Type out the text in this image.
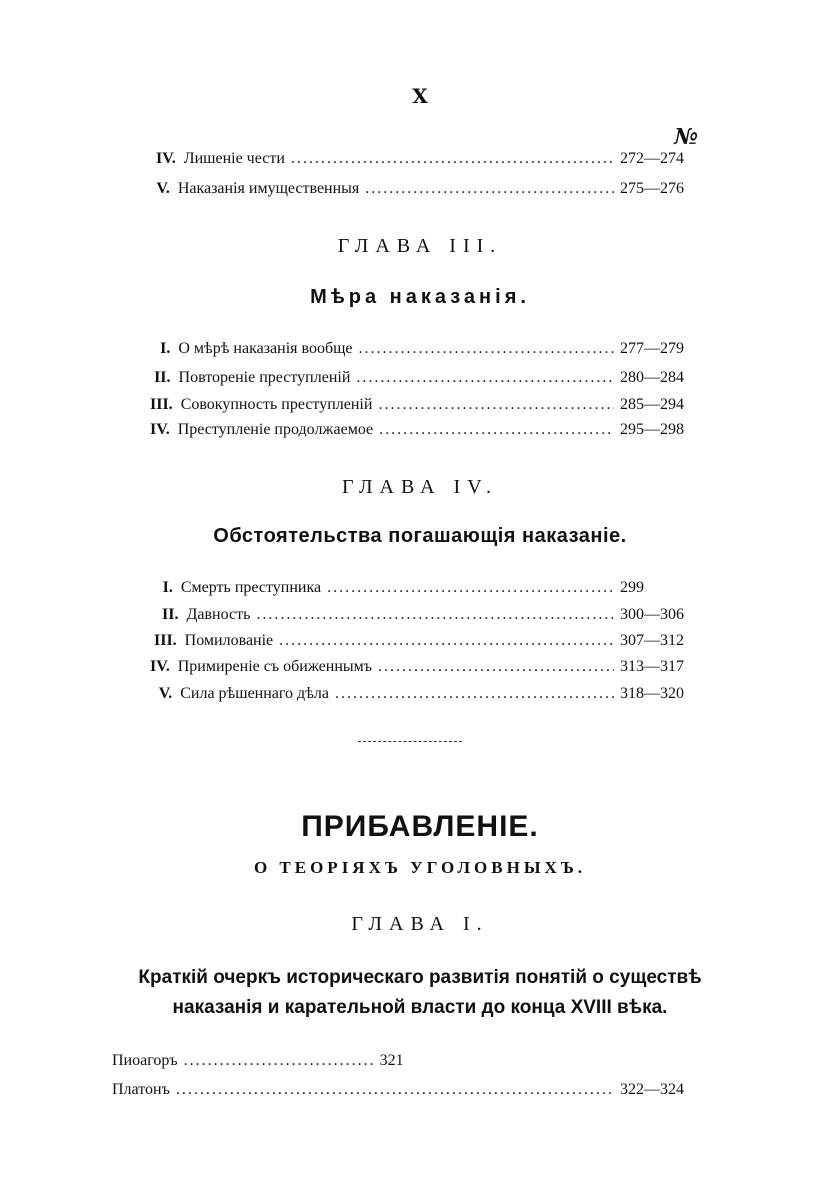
X
№
IV. Лишеніе чести . . .	272—274
V. Наказанія имущественныя . . .	275—276
ГЛАВА III.
Мѣра наказанія.
I. О мѣрѣ наказанія вообще . . .	277—279
II. Повтореніе преступленій . . .	280—284
III. Совокупность преступленій . . .	285—294
IV. Преступленіе продолжаемое . . .	295—298
ГЛАВА IV.
Обстоятельства погашающія наказаніе.
I. Смерть преступника . . .	299
II. Давность . . .	300—306
III. Помилованіе . . .	307—312
IV. Примиреніе съ обиженнымъ . . .	313—317
V. Сила рѣшеннаго дѣла . . .	318—320
ПРИБАВЛЕНІЕ.
О ТЕОРІЯХЪ УГОЛОВНЫХЪ.
ГЛАВА I.
Краткій очеркъ историческаго развитія понятій о существѣ
наказанія и карательной власти до конца XVIII вѣка.
Пиоагоръ . . .	321
Платонъ . . .	322—324
